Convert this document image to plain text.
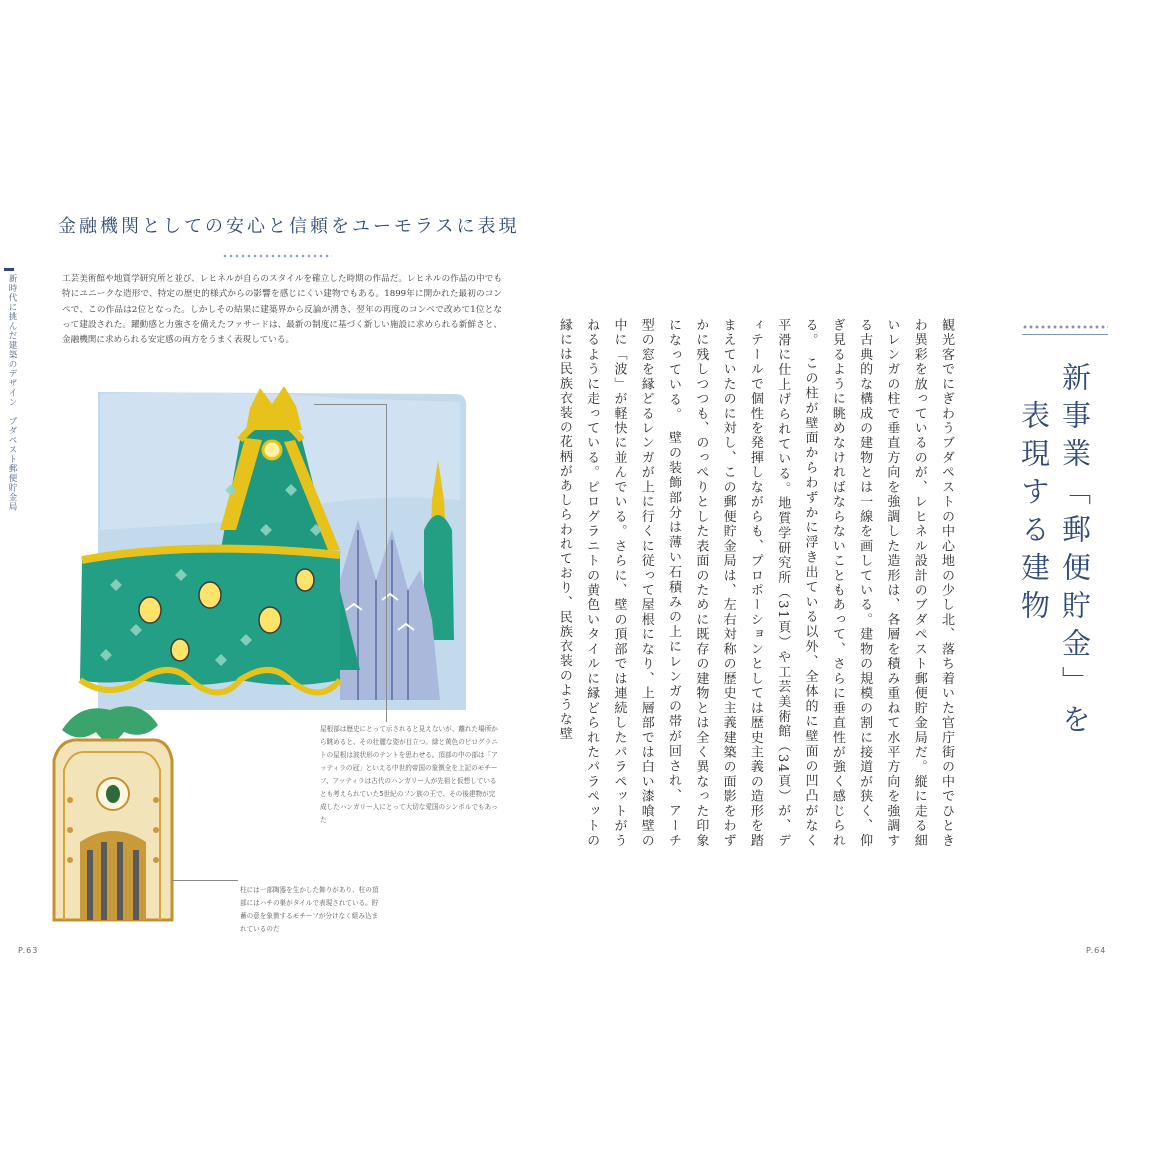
新時代に挑んだ建築のデザイン　ブダペスト郵便貯金局
金融機関としての安心と信頼をユーモラスに表現
工芸美術館や地質学研究所と並び、レヒネルが自らのスタイルを確立した時期の作品だ。レヒネルの作品の中でも特にユニークな造形で、特定の歴史的様式からの影響を感じにくい建物でもある。1899年に開かれた最初のコンペで、この作品は2位となった。しかしその結果に建築界から反論が湧き、翌年の再度のコンペで改めて1位となって建設された。躍動感と力強さを備えたファサードは、最新の制度に基づく新しい施設に求められる新鮮さと、金融機関に求められる安定感の両方をうまく表現している。
屋根部は歴史にとって示されると見えないが、離れた場所から眺めると、その壮麗な姿が目立つ。緑と黄色のピログラニトの屋根は波状形のテントを思わせる。頂部の中の部は「アッティラの冠」といえる中世的帝国の象徴全を上記のモチーフ、アッティラは古代のハンガリー人が先祖と仮想しているとも考えられていた5世紀のフン族の王で、その後建物が完成したハンガリー人にとって大切な愛国のシンボルでもあった
柱には一部陶器を生かした飾りがあり、柱の頂部にはハチの巣がタイルで表現されている。貯蓄の意を象徴するモチーフが分けなく組み込まれているのだ
P.63
新事業「郵便貯金」を
表現する建物
観光客でにぎわうブダペストの中心地の少し北、落ち着いた官庁街の中でひときわ異彩を放っているのが、レヒネル設計のブダペスト郵便貯金局だ。縦に走る細いレンガの柱で垂直方向を強調した造形は、各層を積み重ねて水平方向を強調する古典的な構成の建物とは一線を画している。建物の規模の割に接道が狭く、仰ぎ見るように眺めなければならないこともあって、さらに垂直性が強く感じられる。　この柱が壁面からわずかに浮き出ている以外、全体的に壁面の凹凸がなく平滑に仕上げられている。地質学研究所（31頁）や工芸美術館（34頁）が、ディテールで個性を発揮しながらも、プロポーションとしては歴史主義の造形を踏まえていたのに対し、この郵便貯金局は、左右対称の歴史主義建築の面影をわずかに残しつつも、のっぺりとした表面のために既存の建物とは全く異なった印象になっている。　壁の装飾部分は薄い石積みの上にレンガの帯が回され、アーチ型の窓を縁どるレンガが上に行くに従って屋根になり、上層部では白い漆喰壁の中に「波」が軽快に並んでいる。さらに、壁の頂部では連続したパラペットがうねるように走っている。ピログラニトの黄色いタイルに縁どられたパラペットの縁には民族衣装の花柄があしらわれており、民族衣装のような壁
P.64
